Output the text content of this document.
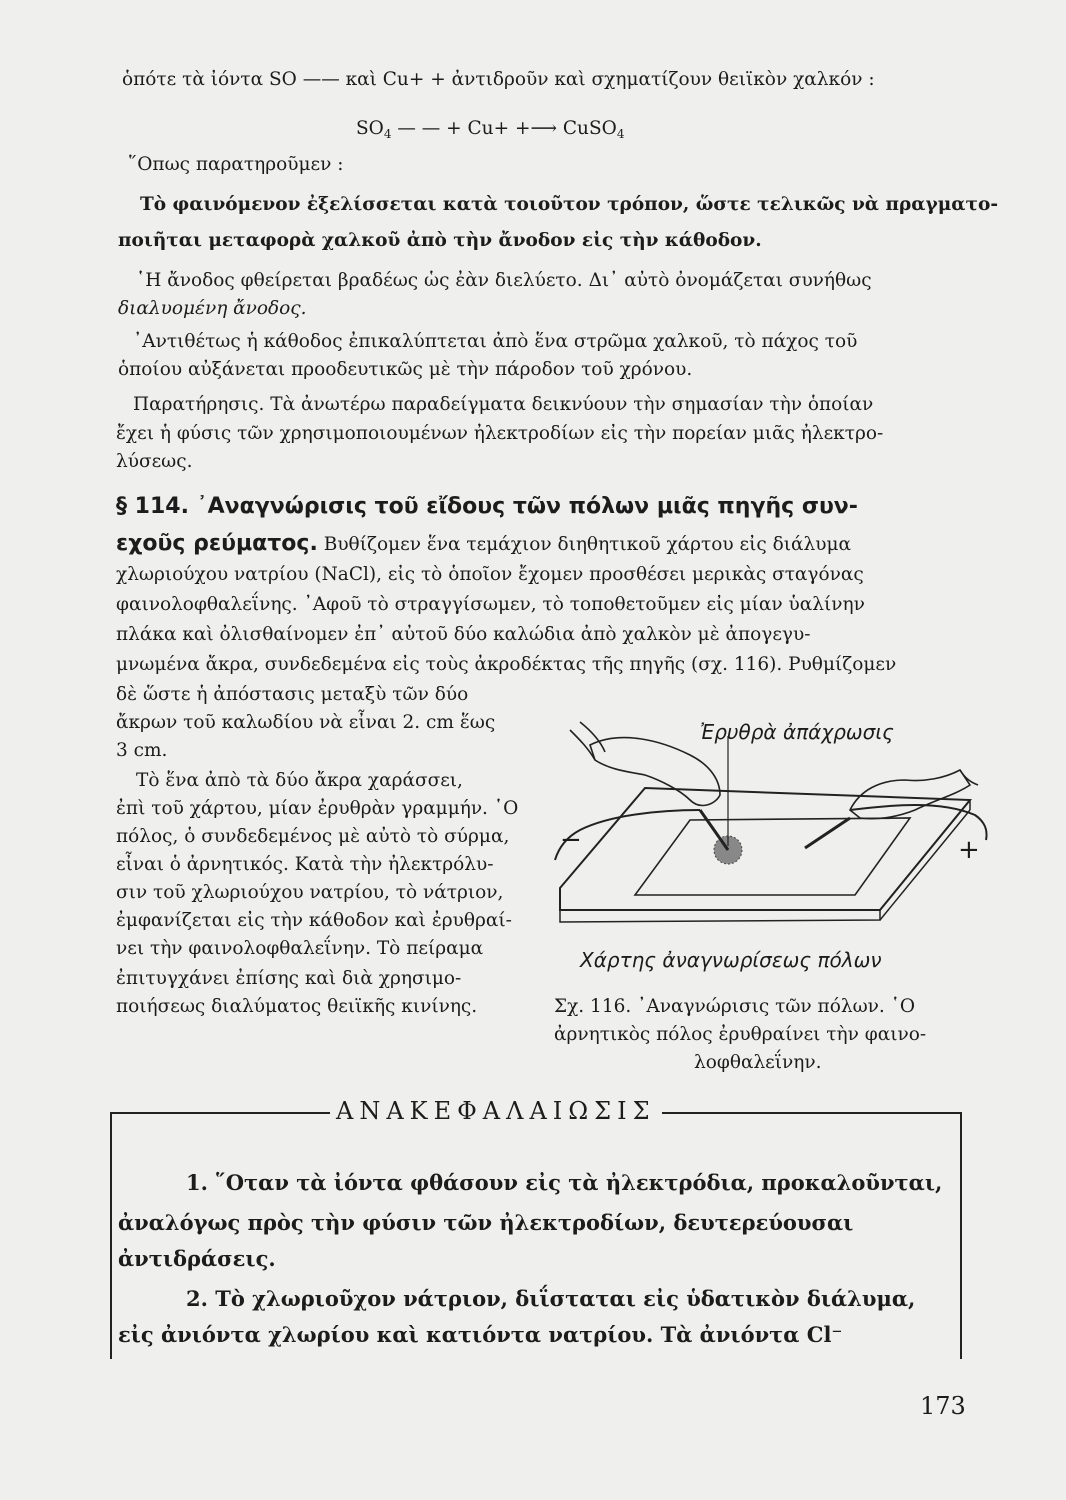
ὁπότε τὰ ἰόντα SO —— καὶ Cu+ + ἀντιδροῦν καὶ σχηματίζουν θειϊκὸν χαλκόν :
$SO_4$ — — + Cu+ +⟶ CuSO$_4$
῞Οπως παρατηροῦμεν :
Τὸ φαινόμενον ἐξελίσσεται κατὰ τοιοῦτον τρόπον, ὥστε τελικῶς νὰ πραγματο-
ποιῆται μεταφορὰ χαλκοῦ ἀπὸ τὴν ἄνοδον εἰς τὴν κάθοδον.
῾Η ἄνοδος φθείρεται βραδέως ὡς ἐὰν διελύετο. Δι᾽ αὐτὸ ὀνομάζεται συνήθως
διαλυομένη ἄνοδος.
᾽Αντιθέτως ἡ κάθοδος ἐπικαλύπτεται ἀπὸ ἕνα στρῶμα χαλκοῦ, τὸ πάχος τοῦ
ὁποίου αὐξάνεται προοδευτικῶς μὲ τὴν πάροδον τοῦ χρόνου.
Παρατήρησις. Τὰ ἀνωτέρω παραδείγματα δεικνύουν τὴν σημασίαν τὴν ὁποίαν
ἔχει ἡ φύσις τῶν χρησιμοποιουμένων ἠλεκτροδίων εἰς τὴν πορείαν μιᾶς ἠλεκτρο-
λύσεως.
§ 114. ᾽Αναγνώρισις τοῦ εἴδους τῶν πόλων μιᾶς πηγῆς συν-
εχοῦς ρεύματος. Βυθίζομεν ἕνα τεμάχιον διηθητικοῦ χάρτου εἰς διάλυμα
χλωριούχου νατρίου (NaCl), εἰς τὸ ὁποῖον ἔχομεν προσθέσει μερικὰς σταγόνας
φαινολοφθαλεΐνης. ᾽Αφοῦ τὸ στραγγίσωμεν, τὸ τοποθετοῦμεν εἰς μίαν ὑαλίνην
πλάκα καὶ ὀλισθαίνομεν ἐπ᾽ αὐτοῦ δύο καλώδια ἀπὸ χαλκὸν μὲ ἀπογεγυ-
μνωμένα ἄκρα, συνδεδεμένα εἰς τοὺς ἀκροδέκτας τῆς πηγῆς (σχ. 116). Ρυθμίζομεν
δὲ ὥστε ἡ ἀπόστασις μεταξὺ τῶν δύο
ἄκρων τοῦ καλωδίου νὰ εἶναι 2. cm ἕως
3 cm.
Τὸ ἕνα ἀπὸ τὰ δύο ἄκρα χαράσσει,
ἐπὶ τοῦ χάρτου, μίαν ἐρυθρὰν γραμμήν. ῾Ο
πόλος, ὁ συνδεδεμένος μὲ αὐτὸ τὸ σύρμα,
εἶναι ὁ ἀρνητικός. Κατὰ τὴν ἠλεκτρόλυ-
σιν τοῦ χλωριούχου νατρίου, τὸ νάτριον,
ἐμφανίζεται εἰς τὴν κάθοδον καὶ ἐρυθραί-
νει τὴν φαινολοφθαλεΐνην. Τὸ πείραμα
ἐπιτυγχάνει ἐπίσης καὶ διὰ χρησιμο-
ποιήσεως διαλύματος θειϊκῆς κινίνης.
Ἐρυθρὰ ἀπάχρωσις
−	+
Χάρτης ἀναγνωρίσεως πόλων
Σχ. 116. ᾽Αναγνώρισις τῶν πόλων. ῾Ο
ἀρνητικὸς πόλος ἐρυθραίνει τὴν φαινο-
λοφθαλεΐνην.
ΑΝΑΚΕΦΑΛΑΙΩΣΙΣ
1. ῞Οταν τὰ ἰόντα φθάσουν εἰς τὰ ἠλεκτρόδια, προκαλοῦνται,
ἀναλόγως πρὸς τὴν φύσιν τῶν ἠλεκτροδίων, δευτερεύουσαι
ἀντιδράσεις.
2. Τὸ χλωριοῦχον νάτριον, διΐσταται εἰς ὑδατικὸν διάλυμα,
εἰς ἀνιόντα χλωρίου καὶ κατιόντα νατρίου. Τὰ ἀνιόντα Cl⁻
173
